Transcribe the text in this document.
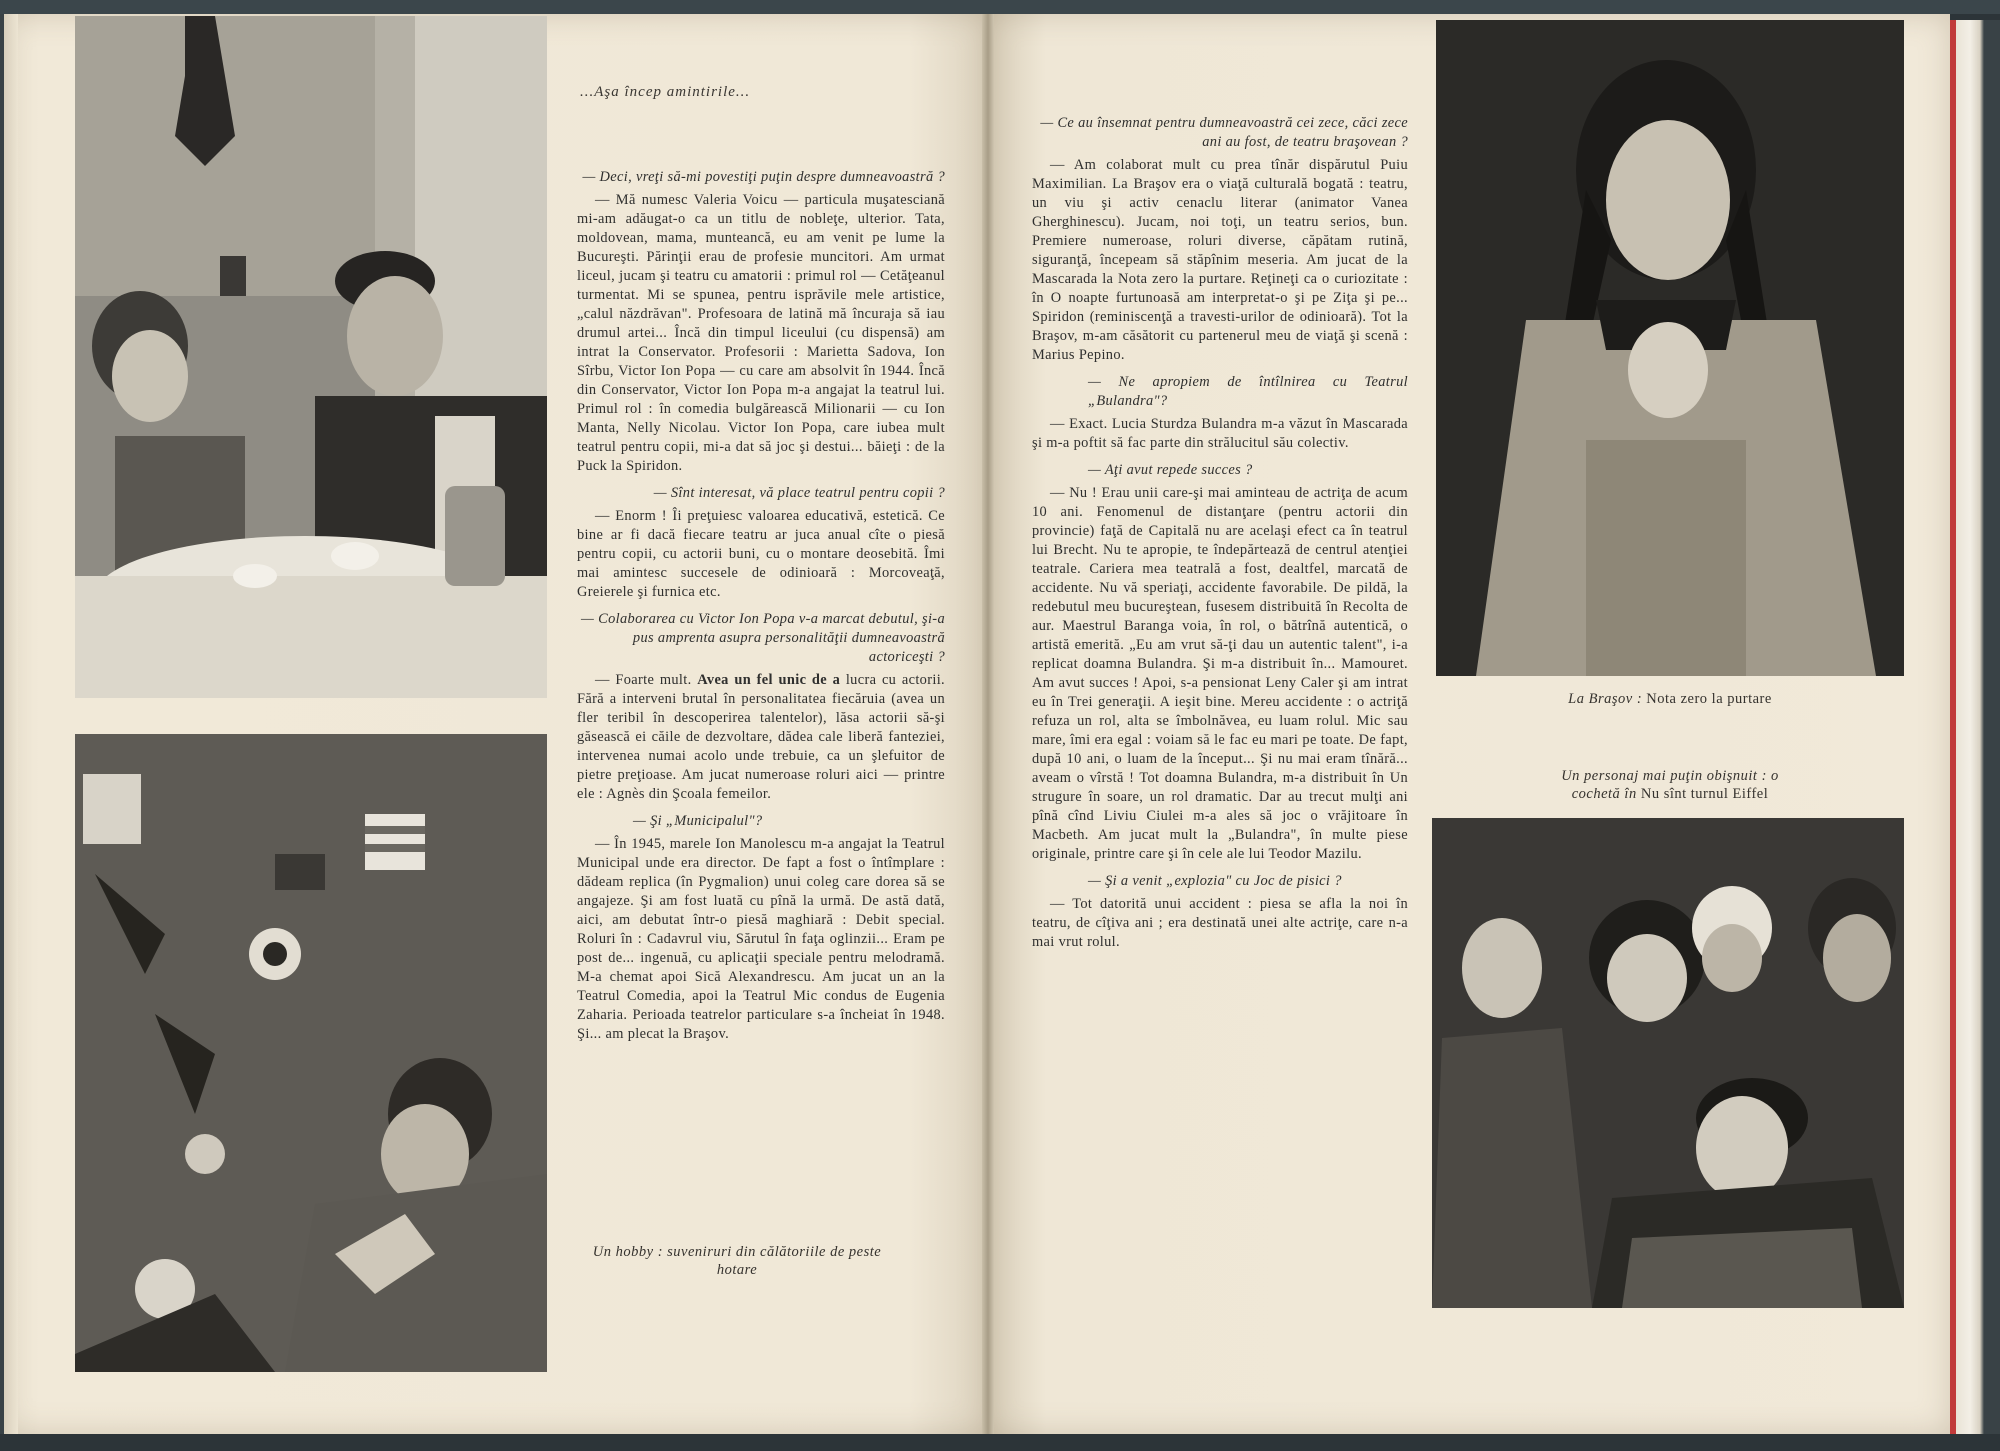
...Aşa încep amintirile...
— Deci, vreţi să-mi povestiţi puţin despre dumneavoastră ?

— Mă numesc Valeria Voicu — particula muşatesciană mi-am adăugat-o ca un titlu de nobleţe, ulterior. Tata, moldovean, mama, munteancă, eu am venit pe lume la Bucureşti. Părinţii erau de profesie muncitori. Am urmat liceul, jucam şi teatru cu amatorii : primul rol — Cetăţeanul turmentat. Mi se spunea, pentru isprăvile mele artistice, „calul năzdrăvan". Profesoara de latină mă încuraja să iau drumul artei... Încă din timpul liceului (cu dispensă) am intrat la Conservator. Profesorii : Marietta Sadova, Ion Sîrbu, Victor Ion Popa — cu care am absolvit în 1944. Încă din Conservator, Victor Ion Popa m-a angajat la teatrul lui. Primul rol : în comedia bulgărească Milionarii — cu Ion Manta, Nelly Nicolau. Victor Ion Popa, care iubea mult teatrul pentru copii, mi-a dat să joc şi destui... băieţi : de la Puck la Spiridon.

— Sînt interesat, vă place teatrul pentru copii ?

— Enorm ! Îi preţuiesc valoarea educativă, estetică. Ce bine ar fi dacă fiecare teatru ar juca anual cîte o piesă pentru copii, cu actorii buni, cu o montare deosebită. Îmi mai amintesc succesele de odinioară : Morcoveaţă, Greierele şi furnica etc.

— Colaborarea cu Victor Ion Popa v-a marcat debutul, şi-a pus amprenta asupra personalităţii dumneavoastră actoriceşti ?

— Foarte mult. Avea un fel unic de a lucra cu actorii. Fără a interveni brutal în personalitatea fiecăruia (avea un fler teribil în descoperirea talentelor), lăsa actorii să-şi găsească ei căile de dezvoltare, dădea cale liberă fanteziei, intervenea numai acolo unde trebuie, ca un şlefuitor de pietre preţioase. Am jucat numeroase roluri aici — printre ele : Agnès din Şcoala femeilor.

— Şi „Municipalul"?

— În 1945, marele Ion Manolescu m-a angajat la Teatrul Municipal unde era director. De fapt a fost o întîmplare : dădeam replica (în Pygmalion) unui coleg care dorea să se angajeze. Şi am fost luată cu pînă la urmă. De astă dată, aici, am debutat într-o piesă maghiară : Debit special. Roluri în : Cadavrul viu, Sărutul în faţa oglinzii... Eram pe post de... ingenuă, cu aplicaţii speciale pentru melodramă. M-a chemat apoi Sică Alexandrescu. Am jucat un an la Teatrul Comedia, apoi la Teatrul Mic condus de Eugenia Zaharia. Perioada teatrelor particulare s-a încheiat în 1948. Şi... am plecat la Braşov.

Un hobby : suveniruri din călătoriile de peste hotare
La Braşov : Nota zero la purtare
Un personaj mai puţin obişnuit : o
cochetă în Nu sînt turnul Eiffel
— Ce au însemnat pentru dumneavoastră cei zece, căci zece ani au fost, de teatru braşovean ?

— Am colaborat mult cu prea tînăr dispărutul Puiu Maximilian. La Braşov era o viaţă culturală bogată : teatru, un viu şi activ cenaclu literar (animator Vanea Gherghinescu). Jucam, noi toţi, un teatru serios, bun. Premiere numeroase, roluri diverse, căpătam rutină, siguranţă, începeam să stăpînim meseria. Am jucat de la Mascarada la Nota zero la purtare. Reţineţi ca o curiozitate : în O noapte furtunoasă am interpretat-o şi pe Ziţa şi pe... Spiridon (reminiscenţă a travesti-urilor de odinioară). Tot la Braşov, m-am căsătorit cu partenerul meu de viaţă şi scenă : Marius Pepino.

— Ne apropiem de întîlnirea cu Teatrul „Bulandra"?

— Exact. Lucia Sturdza Bulandra m-a văzut în Mascarada şi m-a poftit să fac parte din strălucitul său colectiv.

— Aţi avut repede succes ?

— Nu ! Erau unii care-şi mai aminteau de actriţa de acum 10 ani. Fenomenul de distanţare (pentru actorii din provincie) faţă de Capitală nu are acelaşi efect ca în teatrul lui Brecht. Nu te apropie, te îndepărtează de centrul atenţiei teatrale. Cariera mea teatrală a fost, dealtfel, marcată de accidente. Nu vă speriaţi, accidente favorabile. De pildă, la redebutul meu bucureştean, fusesem distribuită în Recolta de aur. Maestrul Baranga voia, în rol, o bătrînă autentică, o artistă emerită. „Eu am vrut să-ţi dau un autentic talent", i-a replicat doamna Bulandra. Şi m-a distribuit în... Mamouret. Am avut succes ! Apoi, s-a pensionat Leny Caler şi am intrat eu în Trei generaţii. A ieşit bine. Mereu accidente : o actriţă refuza un rol, alta se îmbolnăvea, eu luam rolul. Mic sau mare, îmi era egal : voiam să le fac eu mari pe toate. De fapt, după 10 ani, o luam de la început... Şi nu mai eram tînără... aveam o vîrstă ! Tot doamna Bulandra, m-a distribuit în Un strugure în soare, un rol dramatic. Dar au trecut mulţi ani pînă cînd Liviu Ciulei m-a ales să joc o vrăjitoare în Macbeth. Am jucat mult la „Bulandra", în multe piese originale, printre care şi în cele ale lui Teodor Mazilu.

— Şi a venit „explozia" cu Joc de pisici ?

— Tot datorită unui accident : piesa se afla la noi în teatru, de cîţiva ani ; era destinată unei alte actriţe, care n-a mai vrut rolul.
